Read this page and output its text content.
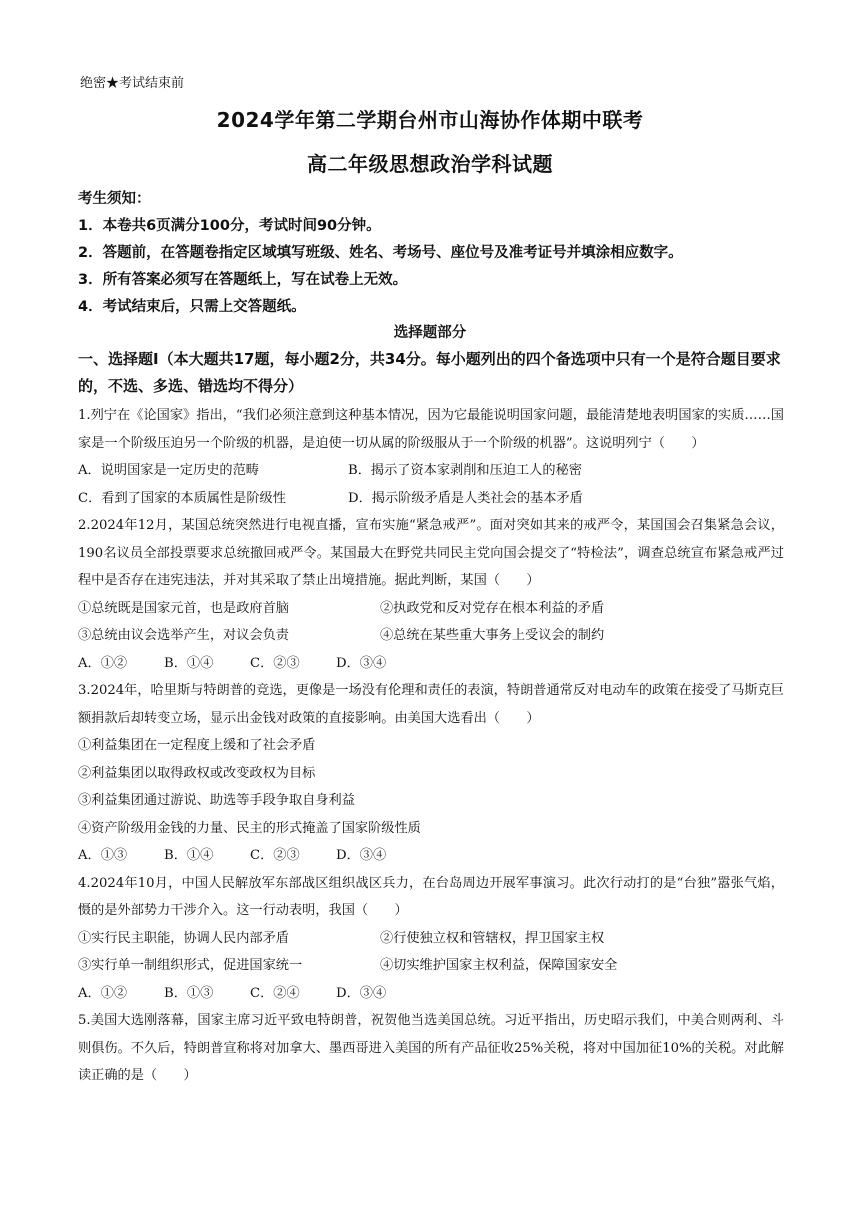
绝密★考试结束前
2024学年第二学期台州市山海协作体期中联考
高二年级思想政治学科试题
考生须知：
1．本卷共6页满分100分，考试时间90分钟。
2．答题前，在答题卷指定区域填写班级、姓名、考场号、座位号及准考证号并填涂相应数字。
3．所有答案必须写在答题纸上，写在试卷上无效。
4．考试结束后，只需上交答题纸。
选择题部分
一、选择题Ⅰ（本大题共17题，每小题2分，共34分。每小题列出的四个备选项中只有一个是符合题目要求的，不选、多选、错选均不得分）
1.列宁在《论国家》指出，“我们必须注意到这种基本情况，因为它最能说明国家问题，最能清楚地表明国家的实质……国家是一个阶级压迫另一个阶级的机器，是迫使一切从属的阶级服从于一个阶级的机器”。这说明列宁（　　）
A．说明国家是一定历史的范畴	B．揭示了资本家剥削和压迫工人的秘密
C．看到了国家的本质属性是阶级性	D．揭示阶级矛盾是人类社会的基本矛盾
2.2024年12月，某国总统突然进行电视直播，宣布实施“紧急戒严”。面对突如其来的戒严令，某国国会召集紧急会议，190名议员全部投票要求总统撤回戒严令。某国最大在野党共同民主党向国会提交了“特检法”，调查总统宣布紧急戒严过程中是否存在违宪违法，并对其采取了禁止出境措施。据此判断，某国（　　）
①总统既是国家元首，也是政府首脑	②执政党和反对党存在根本利益的矛盾
③总统由议会选举产生，对议会负责	④总统在某些重大事务上受议会的制约
A．①②	B．①④	C．②③	D．③④
3.2024年，哈里斯与特朗普的竞选，更像是一场没有伦理和责任的表演，特朗普通常反对电动车的政策在接受了马斯克巨额捐款后却转变立场，显示出金钱对政策的直接影响。由美国大选看出（　　）
①利益集团在一定程度上缓和了社会矛盾
②利益集团以取得政权或改变政权为目标
③利益集团通过游说、助选等手段争取自身利益
④资产阶级用金钱的力量、民主的形式掩盖了国家阶级性质
A．①③	B．①④	C．②③	D．③④
4.2024年10月，中国人民解放军东部战区组织战区兵力，在台岛周边开展军事演习。此次行动打的是“台独”嚣张气焰，慑的是外部势力干涉介入。这一行动表明，我国（　　）
①实行民主职能，协调人民内部矛盾	②行使独立权和管辖权，捍卫国家主权
③实行单一制组织形式，促进国家统一	④切实维护国家主权利益，保障国家安全
A．①②	B．①③	C．②④	D．③④
5.美国大选刚落幕，国家主席习近平致电特朗普，祝贺他当选美国总统。习近平指出，历史昭示我们，中美合则两利、斗则俱伤。不久后，特朗普宣称将对加拿大、墨西哥进入美国的所有产品征收25%关税，将对中国加征10%的关税。对此解读正确的是（　　）
